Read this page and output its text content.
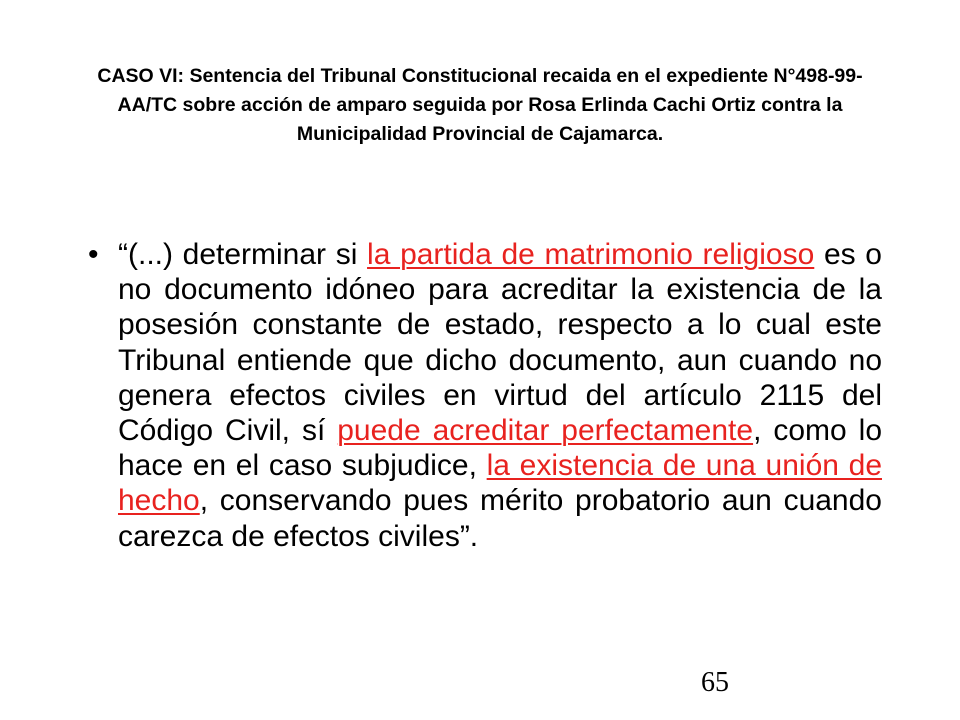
CASO VI: Sentencia del Tribunal Constitucional recaida en el expediente N°498-99-AA/TC sobre acción de amparo seguida por Rosa Erlinda Cachi Ortiz contra la Municipalidad Provincial de Cajamarca.

• “(...) determinar si la partida de matrimonio religioso es o no documento idóneo para acreditar la existencia de la posesión constante de estado, respecto a lo cual este Tribunal entiende que dicho documento, aun cuando no genera efectos civiles en virtud del artículo 2115 del Código Civil, sí puede acreditar perfectamente, como lo hace en el caso subjudice, la existencia de una unión de hecho, conservando pues mérito probatorio aun cuando carezca de efectos civiles”.

65
